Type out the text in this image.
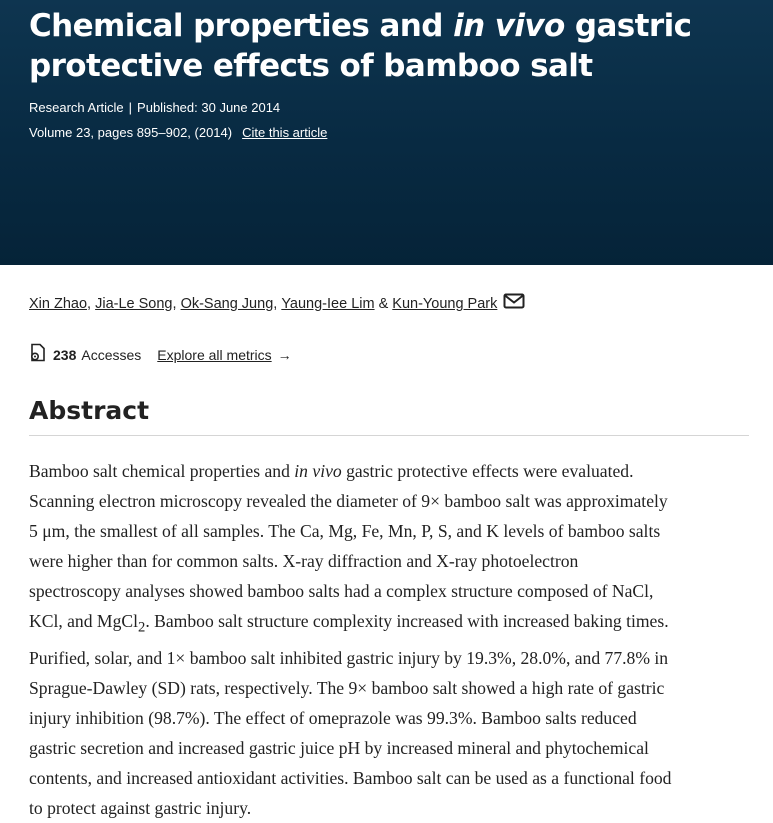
Chemical properties and in vivo gastric protective effects of bamboo salt
Research Article | Published: 30 June 2014
Volume 23, pages 895–902, (2014) Cite this article
Xin Zhao , Jia-Le Song , Ok-Sang Jung , Yaung-Iee Lim & Kun-Young Park
238 Accesses Explore all metrics →
Abstract
Bamboo salt chemical properties and in vivo gastric protective effects were evaluated.
Scanning electron microscopy revealed the diameter of 9× bamboo salt was approximately
5 μm, the smallest of all samples. The Ca, Mg, Fe, Mn, P, S, and K levels of bamboo salts
were higher than for common salts. X-ray diffraction and X-ray photoelectron
spectroscopy analyses showed bamboo salts had a complex structure composed of NaCl,
KCl, and MgCl$_2$. Bamboo salt structure complexity increased with increased baking times.
Purified, solar, and 1× bamboo salt inhibited gastric injury by 19.3%, 28.0%, and 77.8% in
Sprague-Dawley (SD) rats, respectively. The 9× bamboo salt showed a high rate of gastric
injury inhibition (98.7%). The effect of omeprazole was 99.3%. Bamboo salts reduced
gastric secretion and increased gastric juice pH by increased mineral and phytochemical
contents, and increased antioxidant activities. Bamboo salt can be used as a functional food
to protect against gastric injury.
